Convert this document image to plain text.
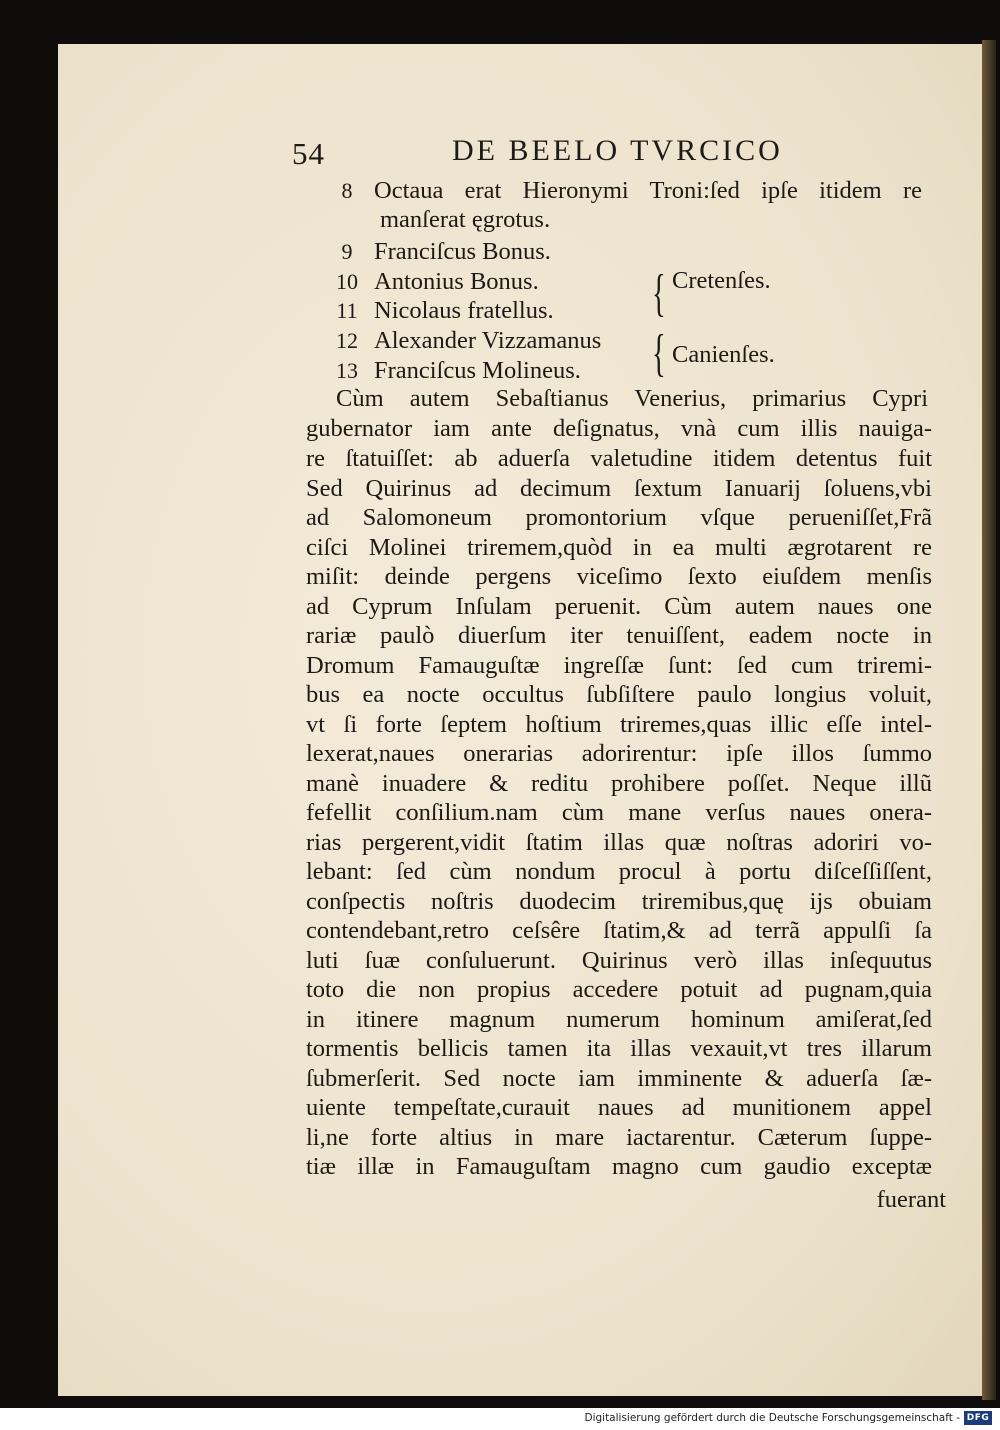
54	DE BEELO TVRCICO
8 Octaua erat Hieronymi Troni:ſed ipſe itidem re
manſerat ęgrotus.
9 Franciſcus Bonus.
10 Antonius Bonus.
11 Nicolaus fratellus.
12 Alexander Vizzamanus
13 Franciſcus Molineus.
{ Cretenſes.
{ Canienſes.
Cùm autem Sebaſtianus Venerius, primarius Cypri
gubernator iam ante deſignatus, vnà cum illis nauiga-
re ſtatuiſſet: ab aduerſa valetudine itidem detentus fuit
Sed Quirinus ad decimum ſextum Ianuarij ſoluens,vbi
ad Salomoneum promontorium vſque perueniſſet,Frã
ciſci Molinei triremem,quòd in ea multi ægrotarent re
miſit: deinde pergens viceſimo ſexto eiuſdem menſis
ad Cyprum Inſulam peruenit. Cùm autem naues one
rariæ paulò diuerſum iter tenuiſſent, eadem nocte in
Dromum Famauguſtæ ingreſſæ ſunt: ſed cum triremi-
bus ea nocte occultus ſubſiſtere paulo longius voluit,
vt ſi forte ſeptem hoſtium triremes,quas illic eſſe intel-
lexerat,naues onerarias adorirentur: ipſe illos ſummo
manè inuadere & reditu prohibere poſſet. Neque illũ
fefellit conſilium.nam cùm mane verſus naues onera-
rias pergerent,vidit ſtatim illas quæ noſtras adoriri vo-
lebant: ſed cùm nondum procul à portu diſceſſiſſent,
conſpectis noſtris duodecim triremibus,quę ijs obuiam
contendebant,retro ceſsêre ſtatim,& ad terrã appulſi ſa
luti ſuæ conſuluerunt. Quirinus verò illas inſequutus
toto die non propius accedere potuit ad pugnam,quia
in itinere magnum numerum hominum amiſerat,ſed
tormentis bellicis tamen ita illas vexauit,vt tres illarum
ſubmerſerit. Sed nocte iam imminente & aduerſa ſæ-
uiente tempeſtate,curauit naues ad munitionem appel
li,ne forte altius in mare iactarentur. Cæterum ſuppe-
tiæ illæ in Famauguſtam magno cum gaudio exceptæ
fuerant
Digitalisierung gefördert durch die Deutsche Forschungsgemeinschaft - DFG
